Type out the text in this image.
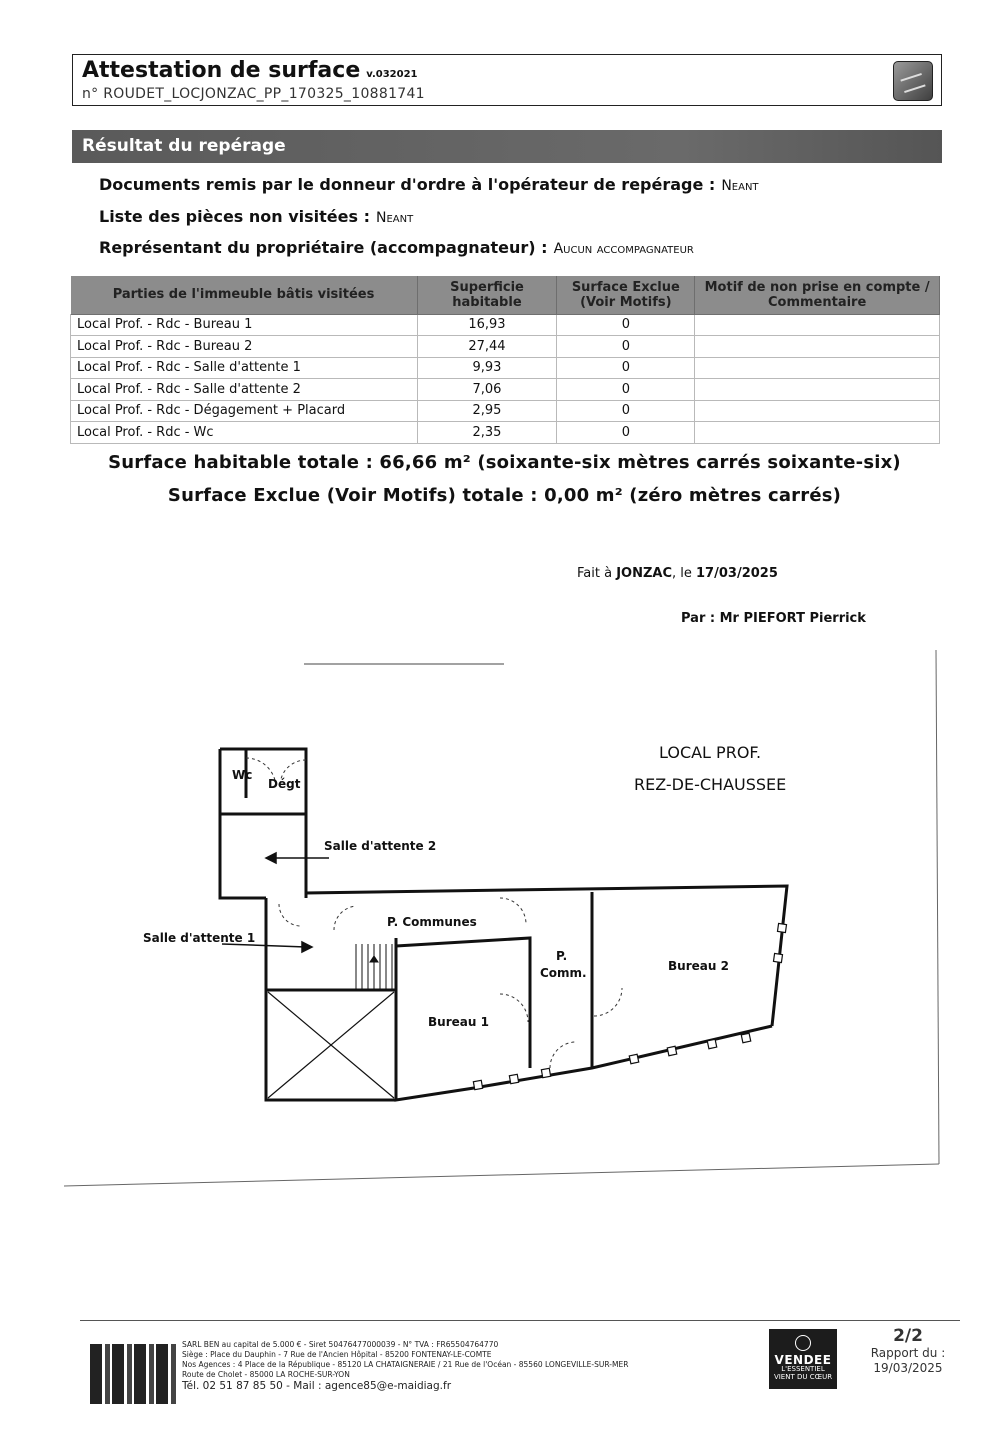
Attestation de surface v.032021
n° ROUDET_LOCJONZAC_PP_170325_10881741
Résultat du repérage
Documents remis par le donneur d'ordre à l'opérateur de repérage : Neant
Liste des pièces non visitées : Neant
Représentant du propriétaire (accompagnateur) : Aucun accompagnateur
Parties de l'immeuble bâtis visitées	Superficie habitable	Surface Exclue (Voir Motifs)	Motif de non prise en compte / Commentaire
Local Prof. - Rdc - Bureau 1	16,93	0	
Local Prof. - Rdc - Bureau 2	27,44	0	
Local Prof. - Rdc - Salle d'attente 1	9,93	0	
Local Prof. - Rdc - Salle d'attente 2	7,06	0	
Local Prof. - Rdc - Dégagement + Placard	2,95	0	
Local Prof. - Rdc - Wc	2,35	0	
Surface habitable totale : 66,66 m² (soixante-six mètres carrés soixante-six)
Surface Exclue (Voir Motifs) totale : 0,00 m² (zéro mètres carrés)
Fait à JONZAC, le 17/03/2025
Par : Mr PIEFORT Pierrick
LOCAL PROF.
REZ-DE-CHAUSSEE
Wc
Dégt
Salle d'attente 2
Salle d'attente 1
P. Communes
P.
Comm.
Bureau 1
Bureau 2
SARL BEN au capital de 5.000 € - Siret 50476477000039 - N° TVA : FR65504764770
Siège : Place du Dauphin - 7 Rue de l'Ancien Hôpital - 85200 FONTENAY-LE-COMTE
Nos Agences : 4 Place de la République - 85120 LA CHATAIGNERAIE / 21 Rue de l'Océan - 85560 LONGEVILLE-SUR-MER
Route de Cholet - 85000 LA ROCHE-SUR-YON
Tél. 02 51 87 85 50 - Mail : agence85@e-maidiag.fr
VENDEE
L'ESSENTIEL
VIENT DU CŒUR
2/2
Rapport du :
19/03/2025
